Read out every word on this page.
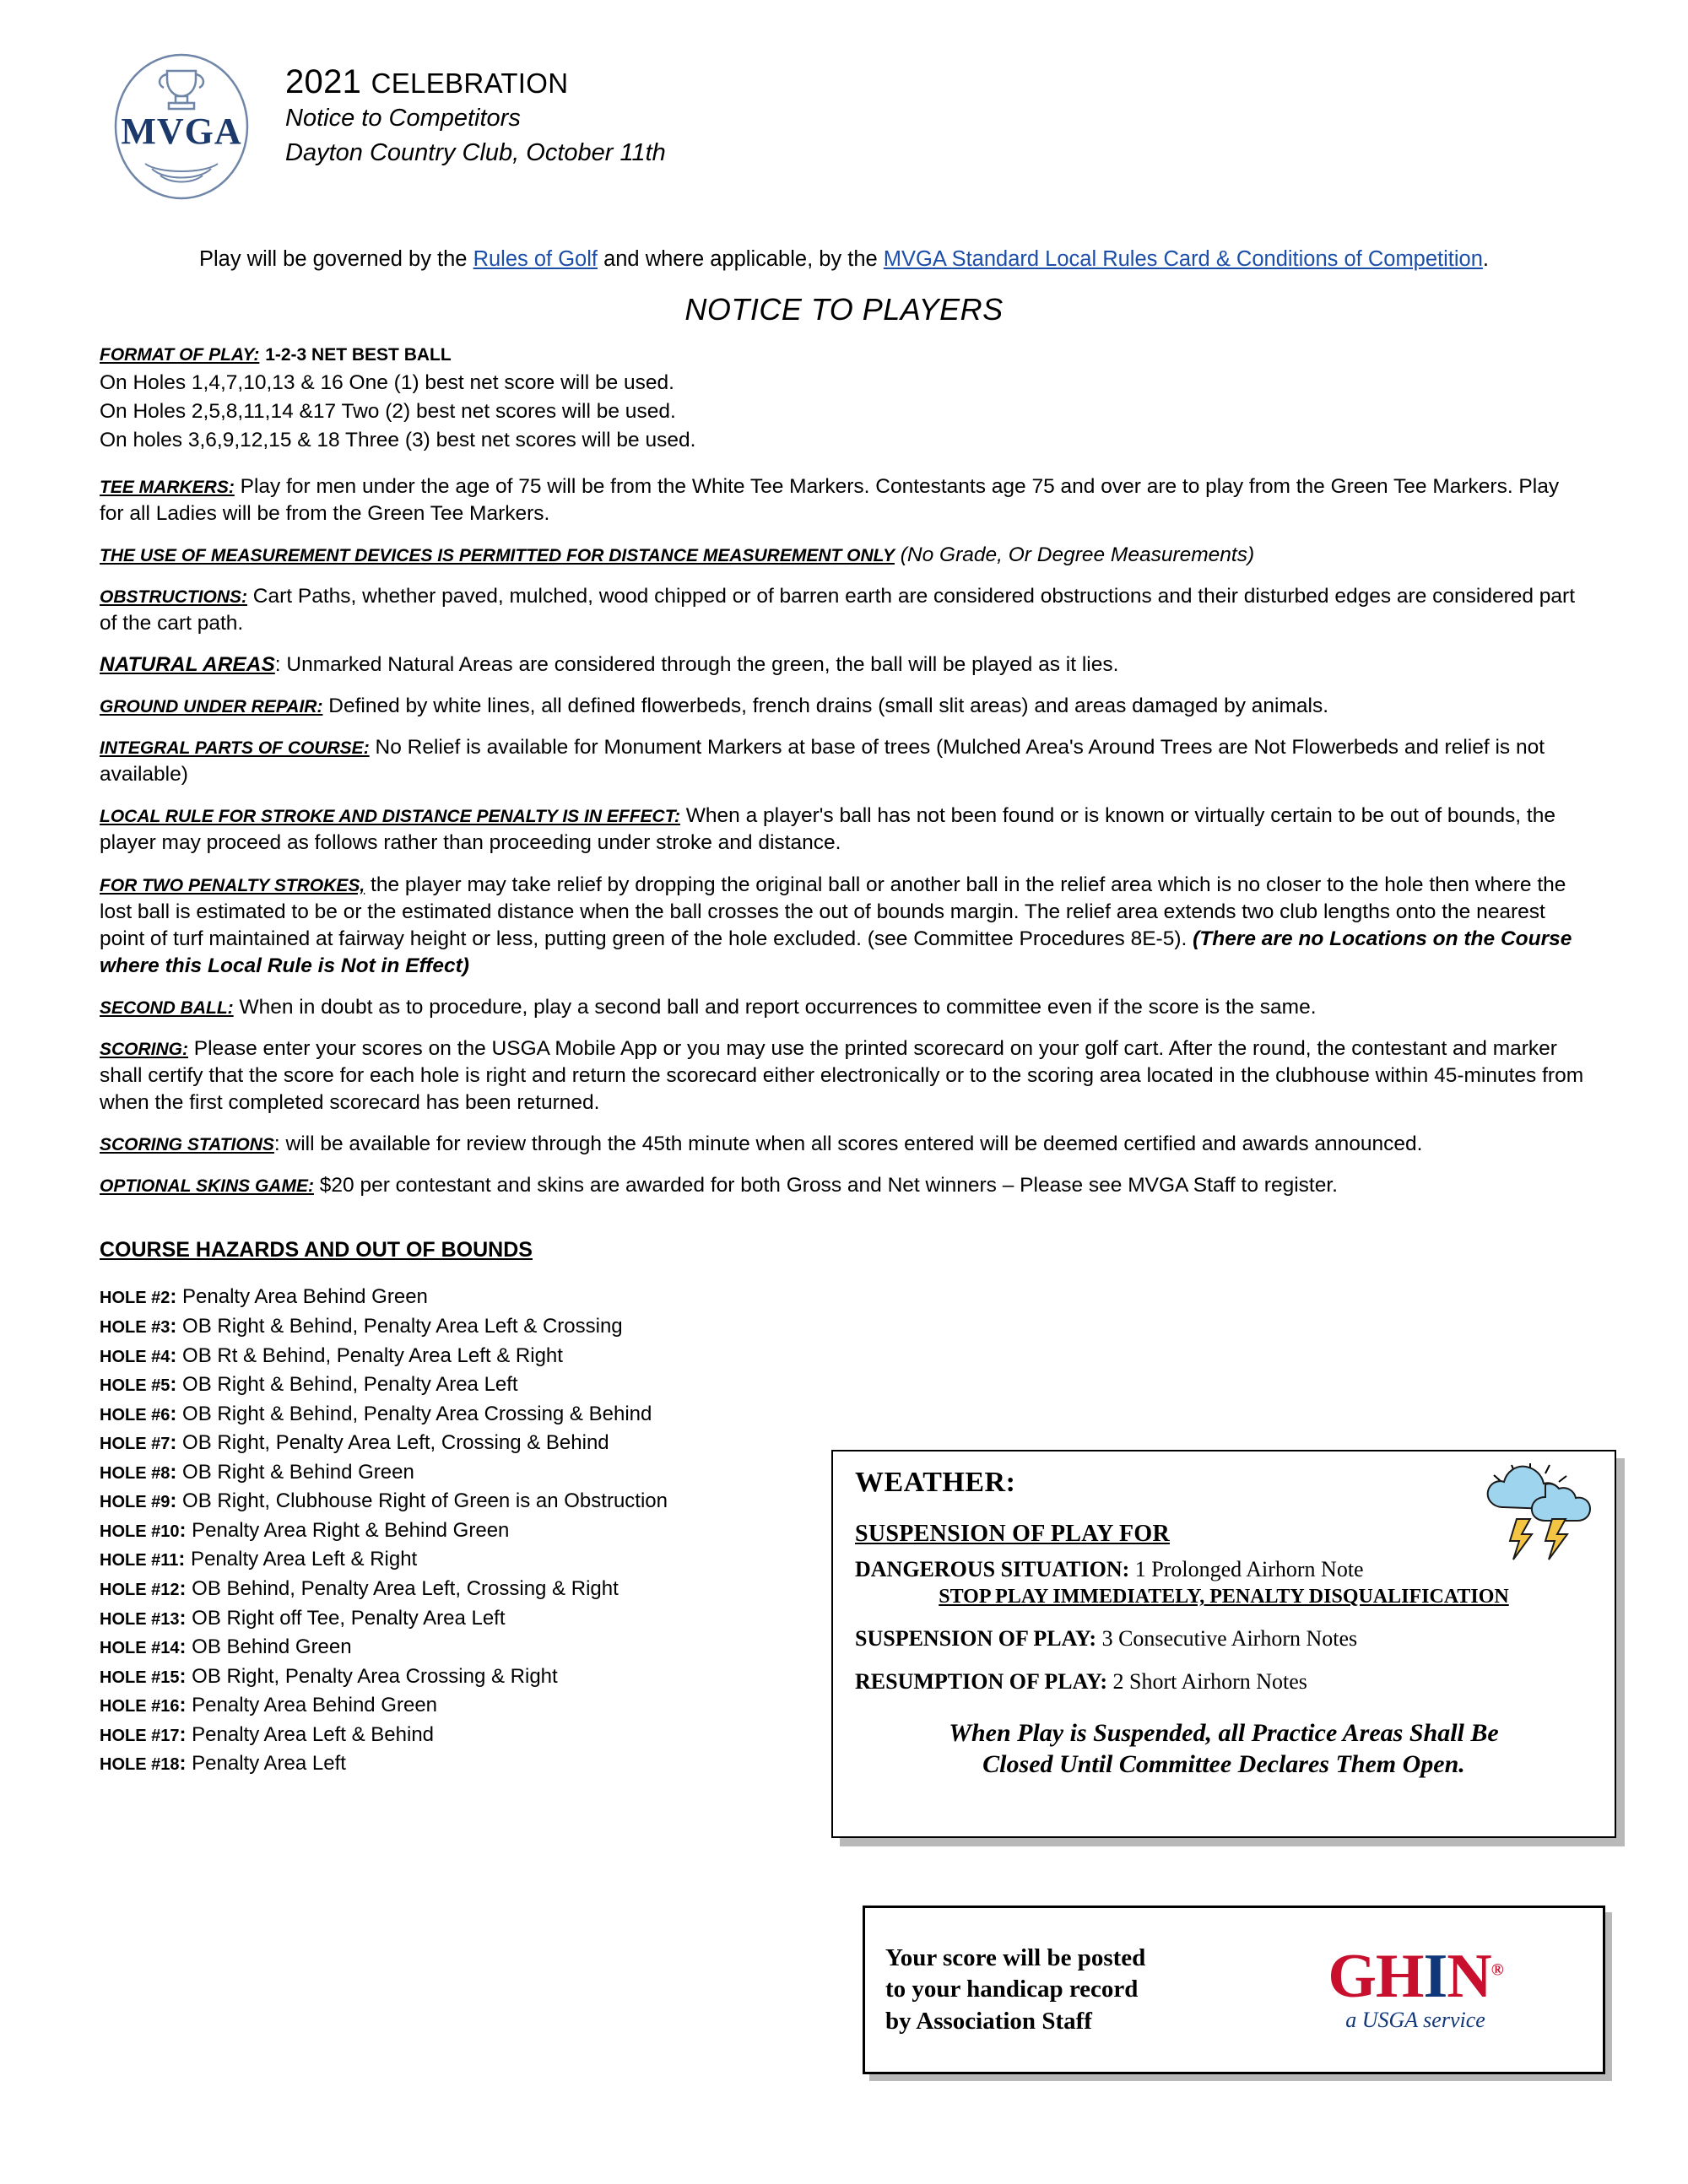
MVGA
2021 CELEBRATION
Notice to Competitors
Dayton Country Club, October 11th
Play will be governed by the Rules of Golf and where applicable, by the MVGA Standard Local Rules Card & Conditions of Competition.
NOTICE TO PLAYERS
FORMAT OF PLAY: 1-2-3 NET BEST BALL
On Holes 1,4,7,10,13 & 16 One (1) best net score will be used.
On Holes 2,5,8,11,14 &17 Two (2) best net scores will be used.
On holes 3,6,9,12,15 & 18 Three (3) best net scores will be used.
TEE MARKERS: Play for men under the age of 75 will be from the White Tee Markers. Contestants age 75 and over are to play from the Green Tee Markers. Play for all Ladies will be from the Green Tee Markers.
THE USE OF MEASUREMENT DEVICES IS PERMITTED FOR DISTANCE MEASUREMENT ONLY (No Grade, Or Degree Measurements)
OBSTRUCTIONS: Cart Paths, whether paved, mulched, wood chipped or of barren earth are considered obstructions and their disturbed edges are considered part of the cart path.
NATURAL AREAS: Unmarked Natural Areas are considered through the green, the ball will be played as it lies.
GROUND UNDER REPAIR: Defined by white lines, all defined flowerbeds, french drains (small slit areas) and areas damaged by animals.
INTEGRAL PARTS OF COURSE: No Relief is available for Monument Markers at base of trees (Mulched Area's Around Trees are Not Flowerbeds and relief is not available)
LOCAL RULE FOR STROKE AND DISTANCE PENALTY IS IN EFFECT: When a player's ball has not been found or is known or virtually certain to be out of bounds, the player may proceed as follows rather than proceeding under stroke and distance.
FOR TWO PENALTY STROKES, the player may take relief by dropping the original ball or another ball in the relief area which is no closer to the hole then where the lost ball is estimated to be or the estimated distance when the ball crosses the out of bounds margin. The relief area extends two club lengths onto the nearest point of turf maintained at fairway height or less, putting green of the hole excluded. (see Committee Procedures 8E-5). (There are no Locations on the Course where this Local Rule is Not in Effect)
SECOND BALL: When in doubt as to procedure, play a second ball and report occurrences to committee even if the score is the same.
SCORING: Please enter your scores on the USGA Mobile App or you may use the printed scorecard on your golf cart. After the round, the contestant and marker shall certify that the score for each hole is right and return the scorecard either electronically or to the scoring area located in the clubhouse within 45-minutes from when the first completed scorecard has been returned.
SCORING STATIONS: will be available for review through the 45th minute when all scores entered will be deemed certified and awards announced.
OPTIONAL SKINS GAME: $20 per contestant and skins are awarded for both Gross and Net winners – Please see MVGA Staff to register.
COURSE HAZARDS AND OUT OF BOUNDS
HOLE #2: Penalty Area Behind Green
HOLE #3: OB Right & Behind, Penalty Area Left & Crossing
HOLE #4: OB Rt & Behind, Penalty Area Left & Right
HOLE #5: OB Right & Behind, Penalty Area Left
HOLE #6: OB Right & Behind, Penalty Area Crossing & Behind
HOLE #7: OB Right, Penalty Area Left, Crossing & Behind
HOLE #8: OB Right & Behind Green
HOLE #9: OB Right, Clubhouse Right of Green is an Obstruction
HOLE #10: Penalty Area Right & Behind Green
HOLE #11: Penalty Area Left & Right
HOLE #12: OB Behind, Penalty Area Left, Crossing & Right
HOLE #13: OB Right off Tee, Penalty Area Left
HOLE #14: OB Behind Green
HOLE #15: OB Right, Penalty Area Crossing & Right
HOLE #16: Penalty Area Behind Green
HOLE #17: Penalty Area Left & Behind
HOLE #18: Penalty Area Left
WEATHER:
SUSPENSION OF PLAY FOR
DANGEROUS SITUATION: 1 Prolonged Airhorn Note
STOP PLAY IMMEDIATELY, PENALTY DISQUALIFICATION
SUSPENSION OF PLAY: 3 Consecutive Airhorn Notes
RESUMPTION OF PLAY: 2 Short Airhorn Notes
When Play is Suspended, all Practice Areas Shall Be
Closed Until Committee Declares Them Open.
Your score will be posted
to your handicap record
by Association Staff
GHIN®
a USGA service
